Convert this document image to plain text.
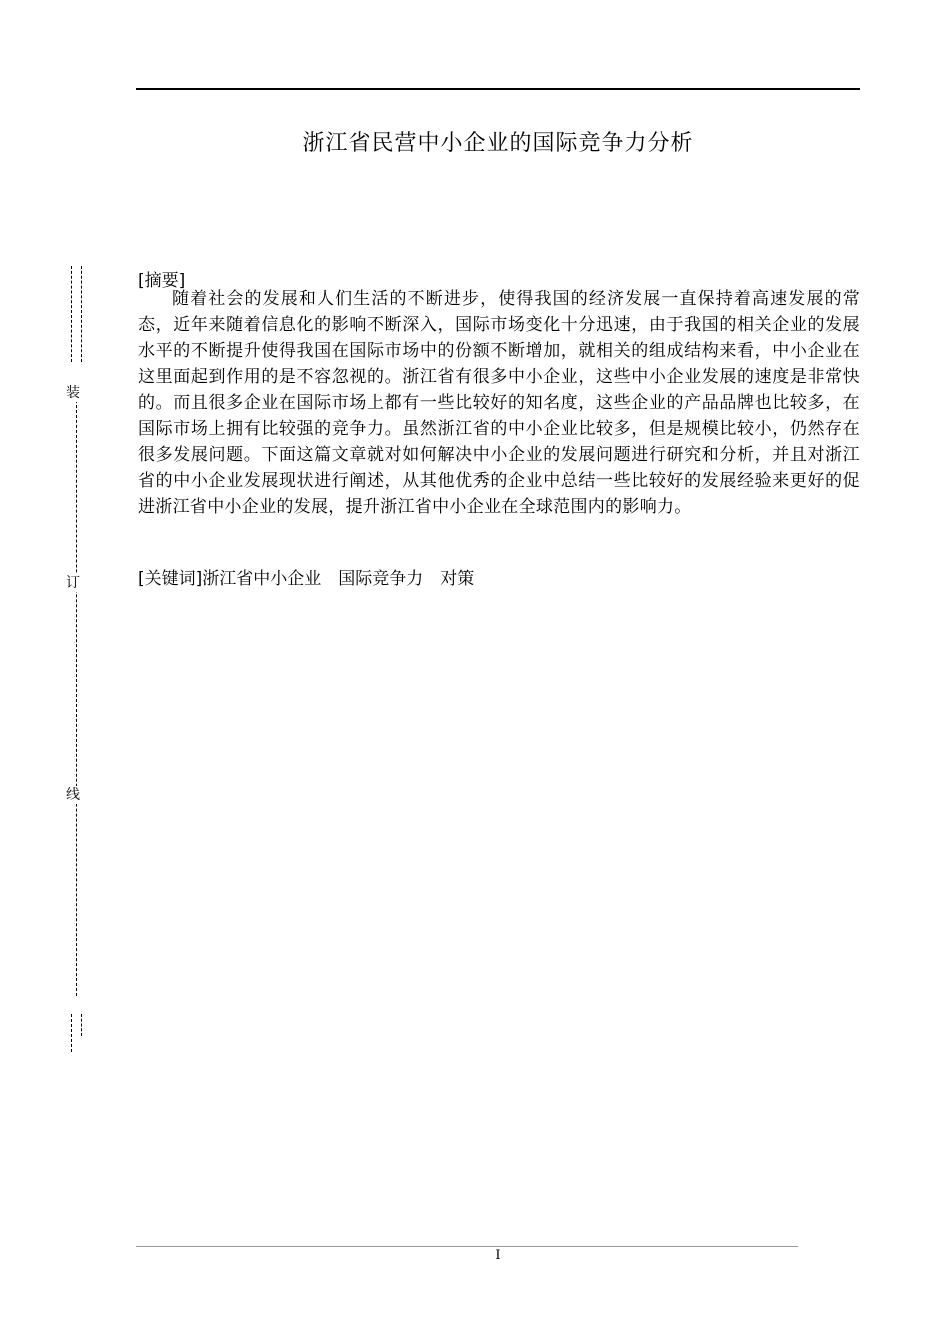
浙江省民营中小企业的国际竞争力分析
装
订
线
[摘要]
随着社会的发展和人们生活的不断进步，使得我国的经济发展一直保持着高速发展的常态，近年来随着信息化的影响不断深入，国际市场变化十分迅速，由于我国的相关企业的发展水平的不断提升使得我国在国际市场中的份额不断增加，就相关的组成结构来看，中小企业在这里面起到作用的是不容忽视的。浙江省有很多中小企业，这些中小企业发展的速度是非常快的。而且很多企业在国际市场上都有一些比较好的知名度，这些企业的产品品牌也比较多，在国际市场上拥有比较强的竞争力。虽然浙江省的中小企业比较多，但是规模比较小，仍然存在很多发展问题。下面这篇文章就对如何解决中小企业的发展问题进行研究和分析，并且对浙江省的中小企业发展现状进行阐述，从其他优秀的企业中总结一些比较好的发展经验来更好的促进浙江省中小企业的发展，提升浙江省中小企业在全球范围内的影响力。
[关键词]浙江省中小企业　国际竞争力　对策
I
